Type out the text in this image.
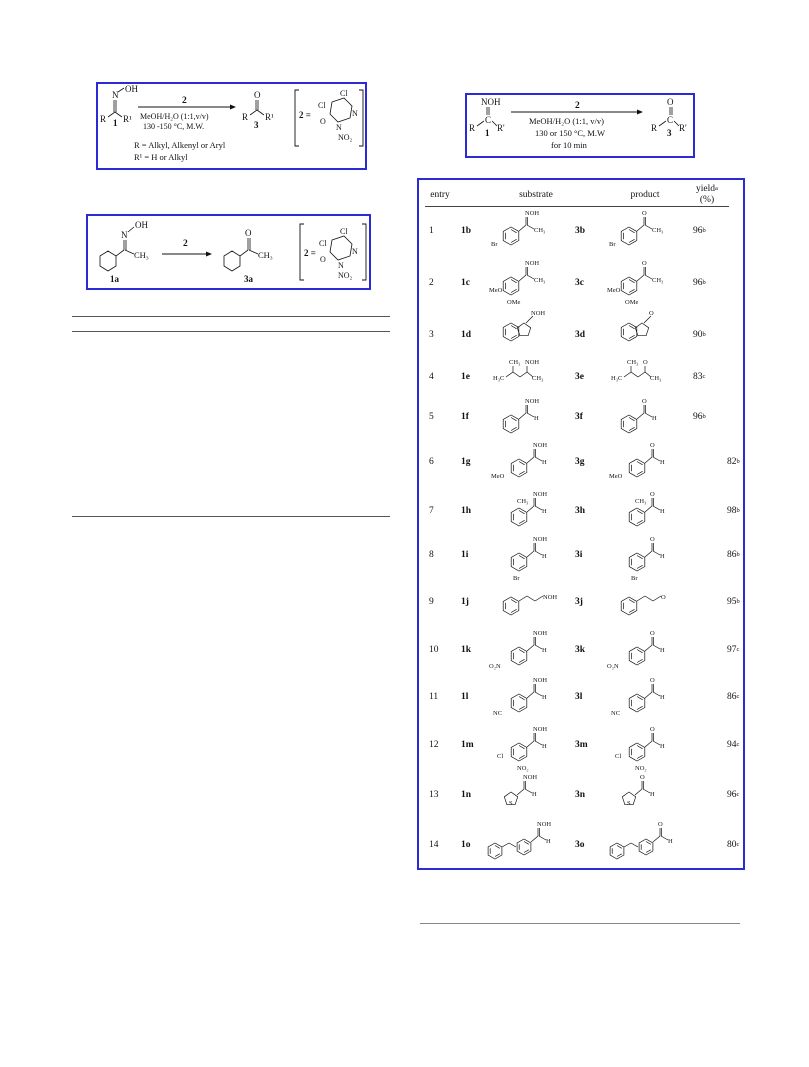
N
OH
R R¹
1
2
MeOH/H₂O (1:1,v/v)
130 -150 °C, M.W.
O
R R¹
3
2 =
Cl
Cl
N
O
N
NO₂
R = Alkyl, Alkenyl or Aryl
R¹ = H or Alkyl
NOH
C
R R'
1
2
MeOH/H₂O (1:1, v/v)
130 or 150 °C, M.W
for 10 min
O
C
R R'
3
N
OH
CH₃
1a
2
O
CH₃
3a
2 =
Cl
Cl
N
O
N
NO₂
entry	substrate	product
yield$^a$
(%)
1	1b	3b	96$^b$
2	1c	3c	96$^b$
3	1d	3d	90$^b$
4	1e	3e	83$^c$
5	1f	3f	96$^b$
6	1g	3g	82$^b$
7	1h	3h	98$^b$
8	1i	3i	86$^b$
9	1j	3j	95$^b$
10 1k	3k	97$^c$
11 1l	3l	86$^c$
12 1m	3m	94$^c$
13 1n	3n	96$^c$
14 1o	3o	80$^c$
NOH
CH₃
Br
O
CH₃
Br
NOH
CH₃
MeO
OMe
O
CH₃
MeO
OMe
NOH	O
H₃C
CH₃ NOH
CH₃	H₃C
CH₃ O
CH₃
NOH
H
O
H
NOH
H
MeO
O
H
MeO
NOH
H
CH₃
O
H
CH₃
NOH
H
Br
O
H
Br
NOH	O
NOH
H
O₂N
O
H
O₂N
NOH
H
NC
O
H
NC
NOH
H
Cl
NO₂
O
H
Cl
NO₂
S
NOH
H
S
O
H
NOH
H
O
H
